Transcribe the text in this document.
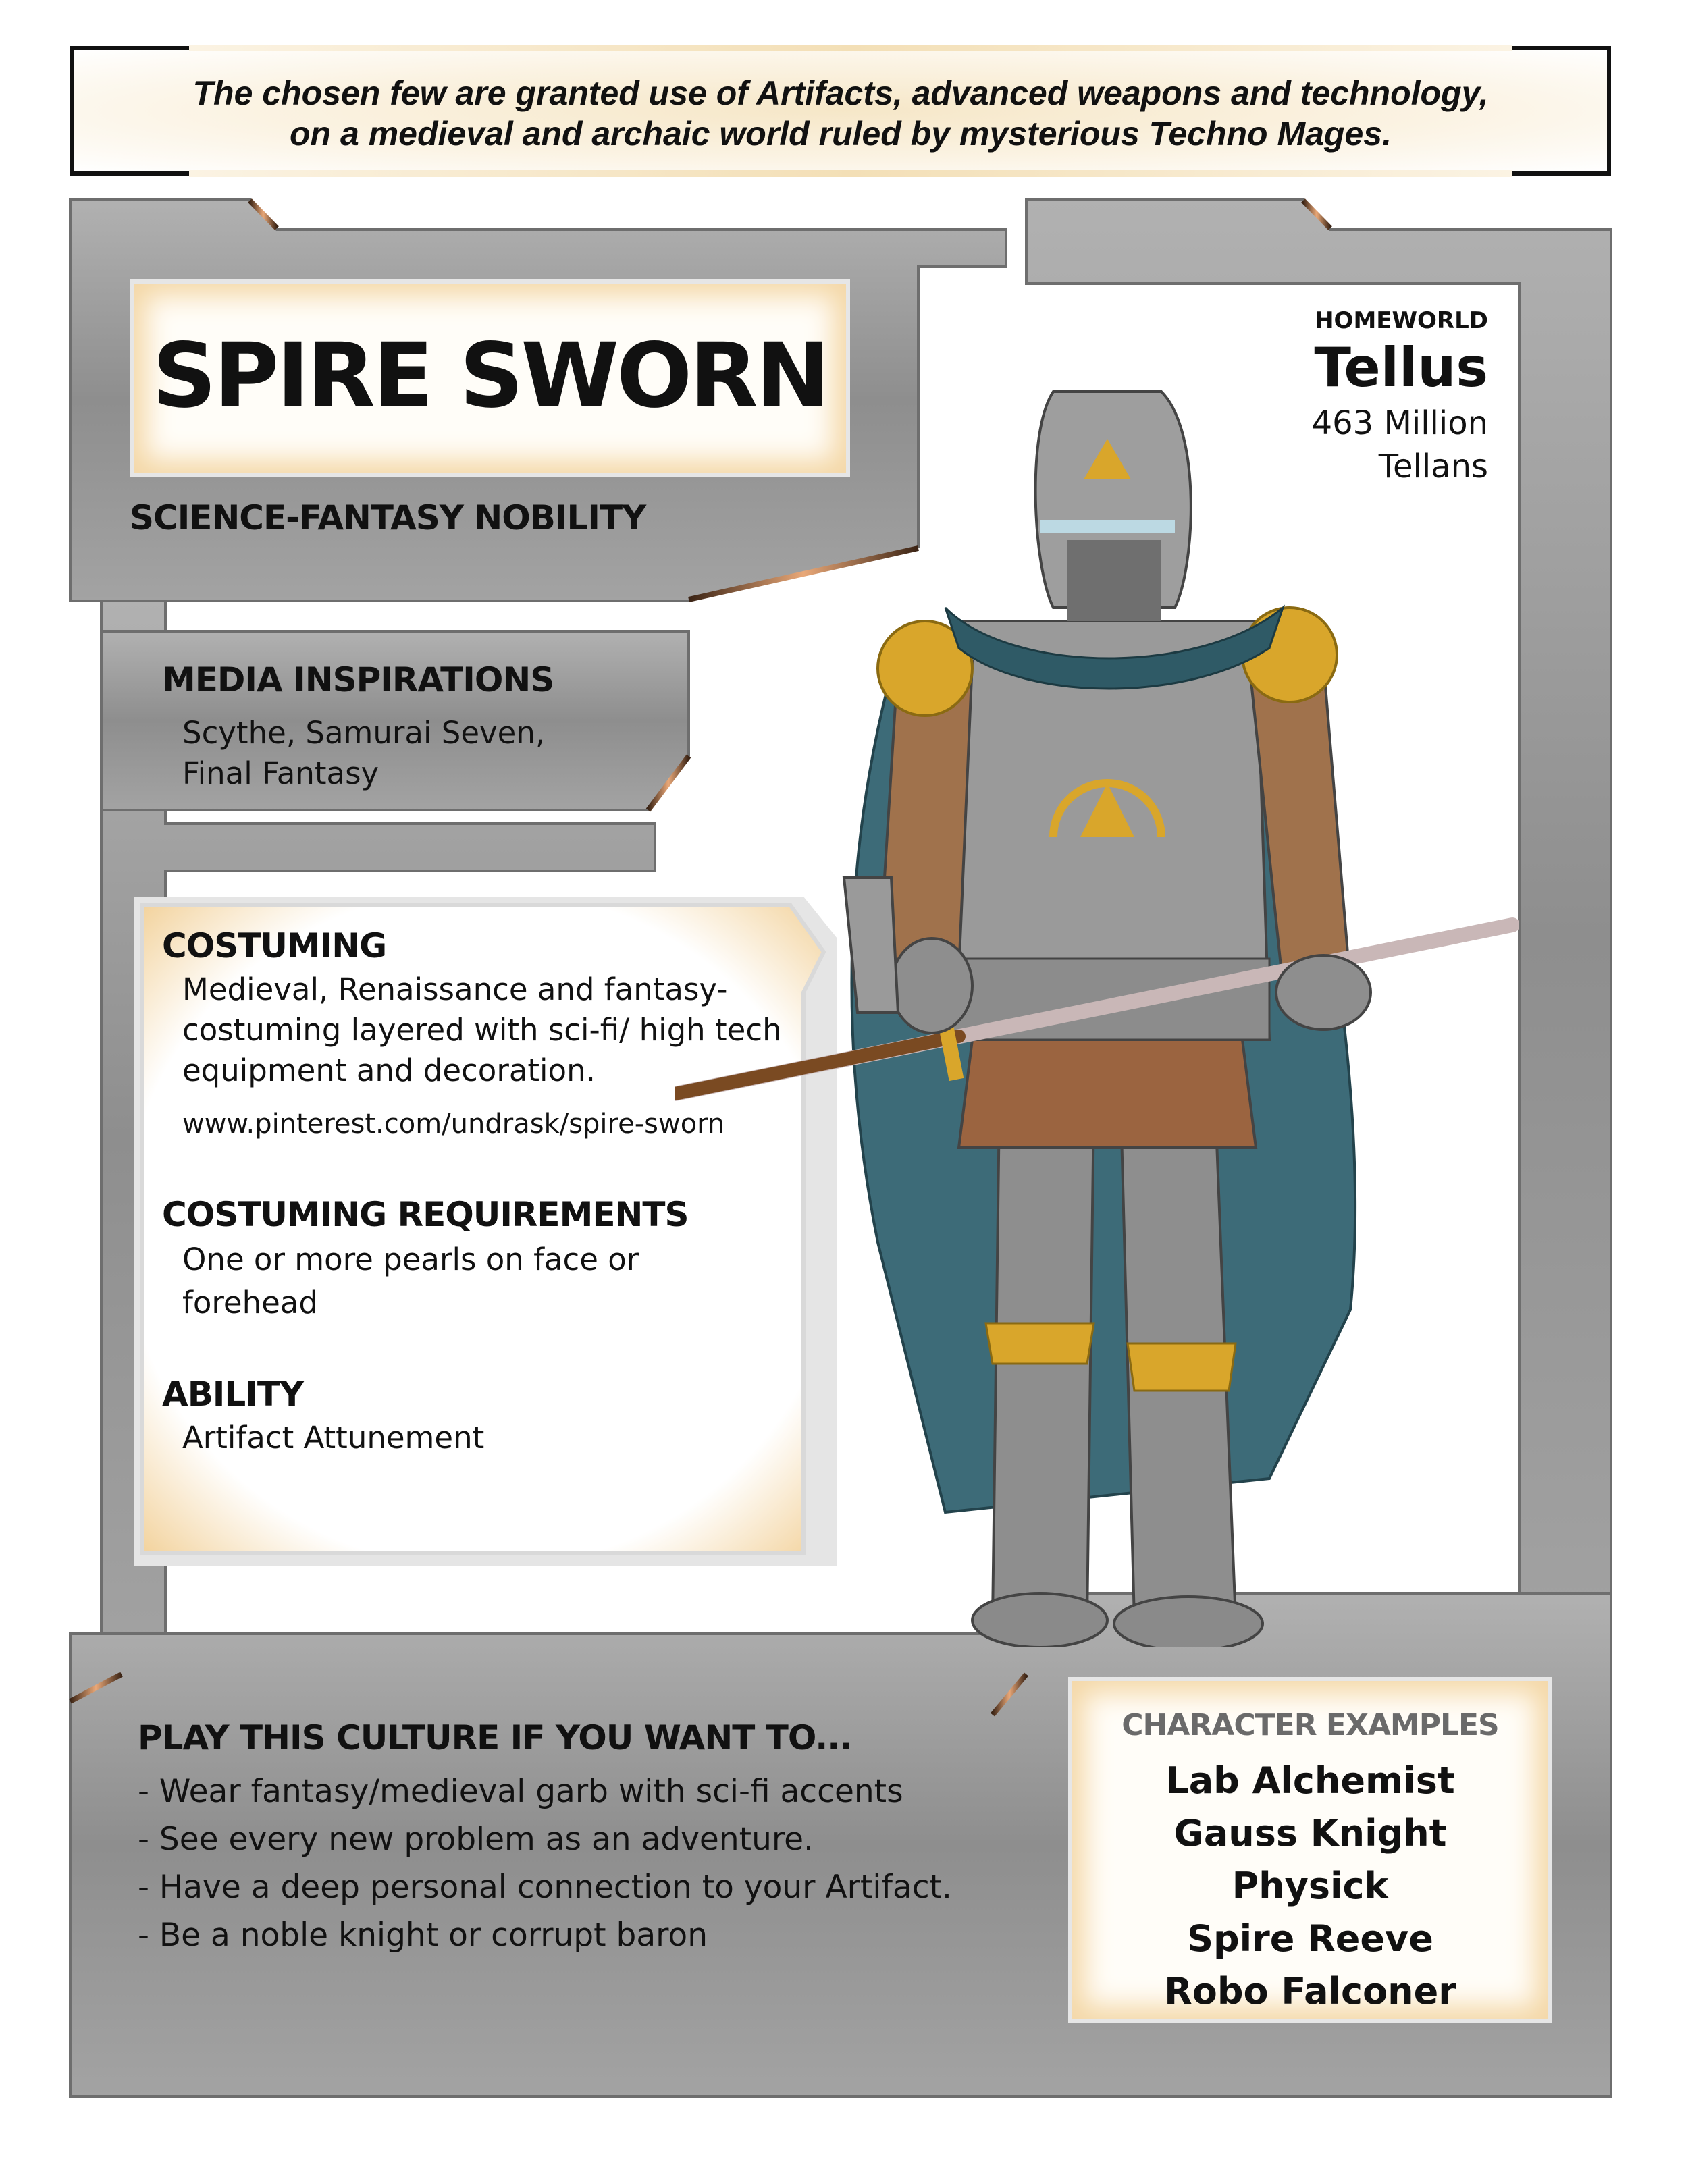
The chosen few are granted use of Artifacts, advanced weapons and technology,
on a medieval and archaic world ruled by mysterious Techno Mages.
SPIRE SWORN
SCIENCE-FANTASY NOBILITY
HOMEWORLD
Tellus
463 Million
Tellans
MEDIA INSPIRATIONS
Scythe, Samurai Seven,
Final Fantasy
COSTUMING
Medieval, Renaissance and fantasy-
costuming layered with sci-fi/ high tech
equipment and decoration.
www.pinterest.com/undrask/spire-sworn
COSTUMING REQUIREMENTS
One or more pearls on face or
forehead
ABILITY
Artifact Attunement
PLAY THIS CULTURE IF YOU WANT TO...
- Wear fantasy/medieval garb with sci-fi accents
- See every new problem as an adventure.
- Have a deep personal connection to your Artifact.
- Be a noble knight or corrupt baron
CHARACTER EXAMPLES
Lab Alchemist
Gauss Knight
Physick
Spire Reeve
Robo Falconer
